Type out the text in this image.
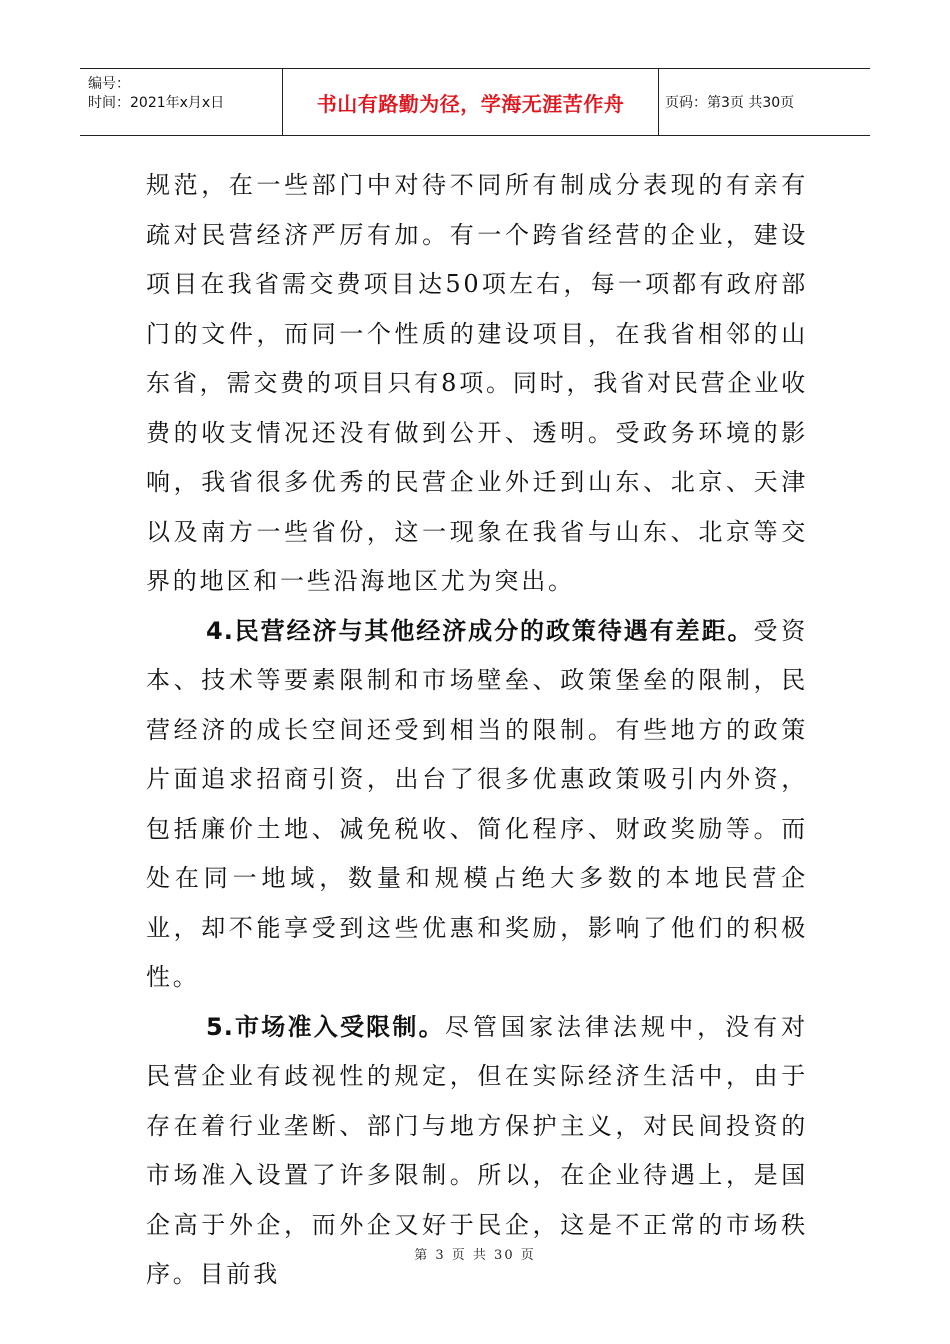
编号：
时间：2021年x月x日	书山有路勤为径，学海无涯苦作舟	页码：第3页 共30页

规范，在一些部门中对待不同所有制成分表现的有亲有疏对民营经济严厉有加。有一个跨省经营的企业，建设项目在我省需交费项目达50项左右，每一项都有政府部门的文件，而同一个性质的建设项目，在我省相邻的山东省，需交费的项目只有8项。同时，我省对民营企业收费的收支情况还没有做到公开、透明。受政务环境的影响，我省很多优秀的民营企业外迁到山东、北京、天津以及南方一些省份，这一现象在我省与山东、北京等交界的地区和一些沿海地区尤为突出。

4.民营经济与其他经济成分的政策待遇有差距。受资本、技术等要素限制和市场壁垒、政策堡垒的限制，民营经济的成长空间还受到相当的限制。有些地方的政策片面追求招商引资，出台了很多优惠政策吸引内外资，包括廉价土地、减免税收、简化程序、财政奖励等。而处在同一地域，数量和规模占绝大多数的本地民营企业，却不能享受到这些优惠和奖励，影响了他们的积极性。

5.市场准入受限制。尽管国家法律法规中，没有对民营企业有歧视性的规定，但在实际经济生活中，由于存在着行业垄断、部门与地方保护主义，对民间投资的市场准入设置了许多限制。所以，在企业待遇上，是国企高于外企，而外企又好于民企，这是不正常的市场秩序。目前我

第 3 页 共 30 页
